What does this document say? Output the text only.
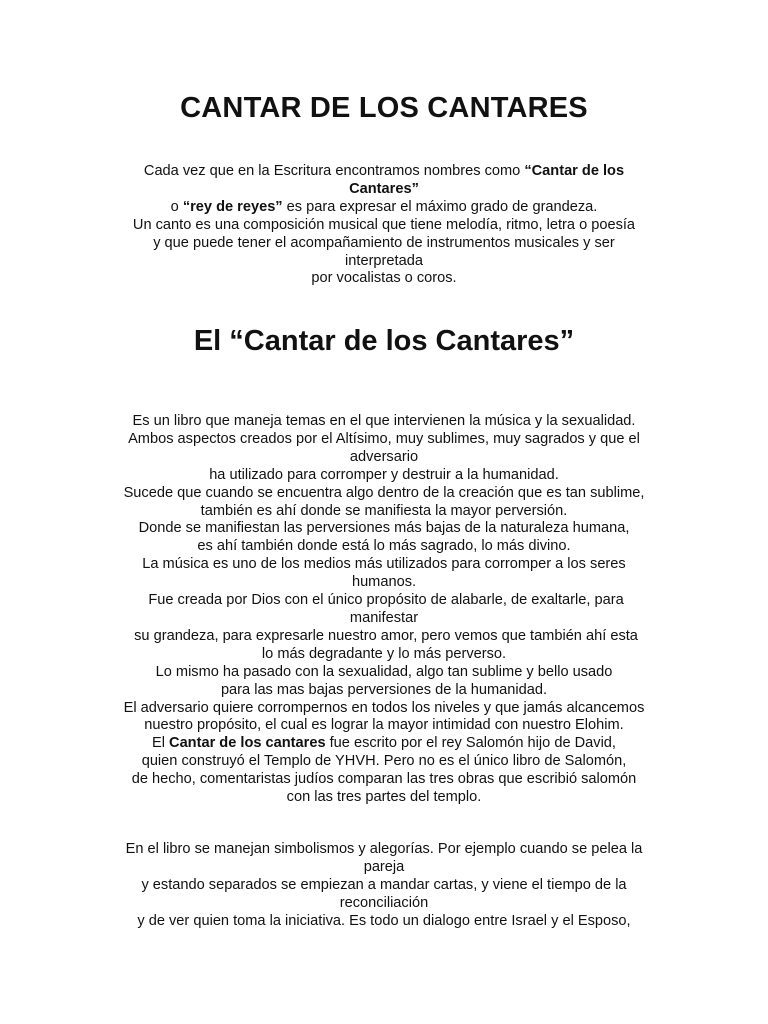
CANTAR DE LOS CANTARES
Cada vez que en la Escritura encontramos nombres como “Cantar de los
Cantares”
o “rey de reyes” es para expresar el máximo grado de grandeza.
Un canto es una composición musical que tiene melodía, ritmo, letra o poesía
y que puede tener el acompañamiento de instrumentos musicales y ser
interpretada
por vocalistas o coros.
El “Cantar de los Cantares”
Es un libro que maneja temas en el que intervienen la música y la sexualidad.
Ambos aspectos creados por el Altísimo, muy sublimes, muy sagrados y que el
adversario
ha utilizado para corromper y destruir a la humanidad.
Sucede que cuando se encuentra algo dentro de la creación que es tan sublime,
también es ahí donde se manifiesta la mayor perversión.
Donde se manifiestan las perversiones más bajas de la naturaleza humana,
es ahí también donde está lo más sagrado, lo más divino.
La música es uno de los medios más utilizados para corromper a los seres
humanos.
Fue creada por Dios con el único propósito de alabarle, de exaltarle, para
manifestar
su grandeza, para expresarle nuestro amor, pero vemos que también ahí esta
lo más degradante y lo más perverso.
Lo mismo ha pasado con la sexualidad, algo tan sublime y bello usado
para las mas bajas perversiones de la humanidad.
El adversario quiere corrompernos en todos los niveles y que jamás alcancemos
nuestro propósito, el cual es lograr la mayor intimidad con nuestro Elohim.
El Cantar de los cantares fue escrito por el rey Salomón hijo de David,
quien construyó el Templo de YHVH. Pero no es el único libro de Salomón,
de hecho, comentaristas judíos comparan las tres obras que escribió salomón
con las tres partes del templo.
En el libro se manejan simbolismos y alegorías. Por ejemplo cuando se pelea la
pareja
y estando separados se empiezan a mandar cartas, y viene el tiempo de la
reconciliación
y de ver quien toma la iniciativa. Es todo un dialogo entre Israel y el Esposo,
